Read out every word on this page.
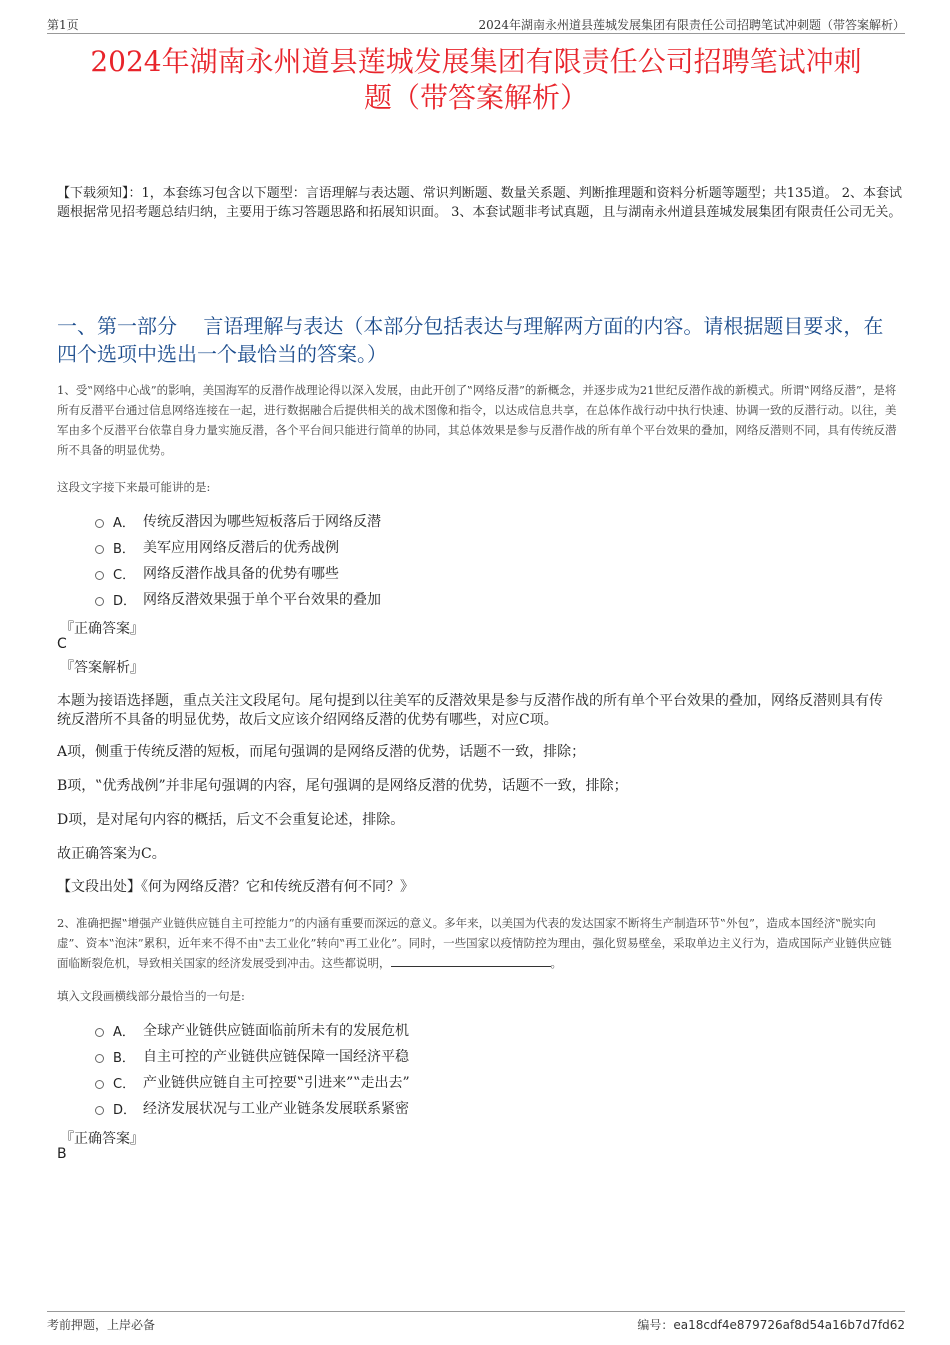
第1页	2024年湖南永州道县莲城发展集团有限责任公司招聘笔试冲刺题（带答案解析）
2024年湖南永州道县莲城发展集团有限责任公司招聘笔试冲刺
题（带答案解析）
【下载须知】：1，本套练习包含以下题型：言语理解与表达题、常识判断题、数量关系题、判断推理题和资料分析题等题型；共135道。 2、本套试题根据常见招考题总结归纳，主要用于练习答题思路和拓展知识面。 3、本套试题非考试真题，且与湖南永州道县莲城发展集团有限责任公司无关。
一、第一部分　 言语理解与表达（本部分包括表达与理解两方面的内容。请根据题目要求，在四个选项中选出一个最恰当的答案。）
1、受‟网络中心战”的影响，美国海军的反潜作战理论得以深入发展，由此开创了‟网络反潜”的新概念，并逐步成为21世纪反潜作战的新模式。所谓‟网络反潜”，是将所有反潜平台通过信息网络连接在一起，进行数据融合后提供相关的战术图像和指令，以达成信息共享，在总体作战行动中执行快速、协调一致的反潜行动。以往，美军由多个反潜平台依靠自身力量实施反潜，各个平台间只能进行简单的协同，其总体效果是参与反潜作战的所有单个平台效果的叠加，网络反潜则不同，具有传统反潜所不具备的明显优势。
这段文字接下来最可能讲的是:
A． 传统反潜因为哪些短板落后于网络反潜
B． 美军应用网络反潜后的优秀战例
C． 网络反潜作战具备的优势有哪些
D． 网络反潜效果强于单个平台效果的叠加
『正确答案』
C
『答案解析』
本题为接语选择题，重点关注文段尾句。尾句提到以往美军的反潜效果是参与反潜作战的所有单个平台效果的叠加，网络反潜则具有传统反潜所不具备的明显优势，故后文应该介绍网络反潜的优势有哪些，对应C项。
A项，侧重于传统反潜的短板，而尾句强调的是网络反潜的优势，话题不一致，排除；
B项，‟优秀战例”并非尾句强调的内容，尾句强调的是网络反潜的优势，话题不一致，排除；
D项，是对尾句内容的概括，后文不会重复论述，排除。
故正确答案为C。
【文段出处】《何为网络反潜？它和传统反潜有何不同？》
2、准确把握‟增强产业链供应链自主可控能力”的内涵有重要而深远的意义。多年来，以美国为代表的发达国家不断将生产制造环节‟外包”，造成本国经济‟脱实向虚”、资本‟泡沫”累积，近年来不得不由‟去工业化”转向‟再工业化”。同时，一些国家以疫情防控为理由，强化贸易壁垒，采取单边主义行为，造成国际产业链供应链面临断裂危机，导致相关国家的经济发展受到冲击。这些都说明，	。
填入文段画横线部分最恰当的一句是:
A． 全球产业链供应链面临前所未有的发展危机
B． 自主可控的产业链供应链保障一国经济平稳
C． 产业链供应链自主可控要‟引进来”‟走出去”
D． 经济发展状况与工业产业链条发展联系紧密
『正确答案』
B
考前押题，上岸必备	编号：ea18cdf4e879726af8d54a16b7d7fd62
